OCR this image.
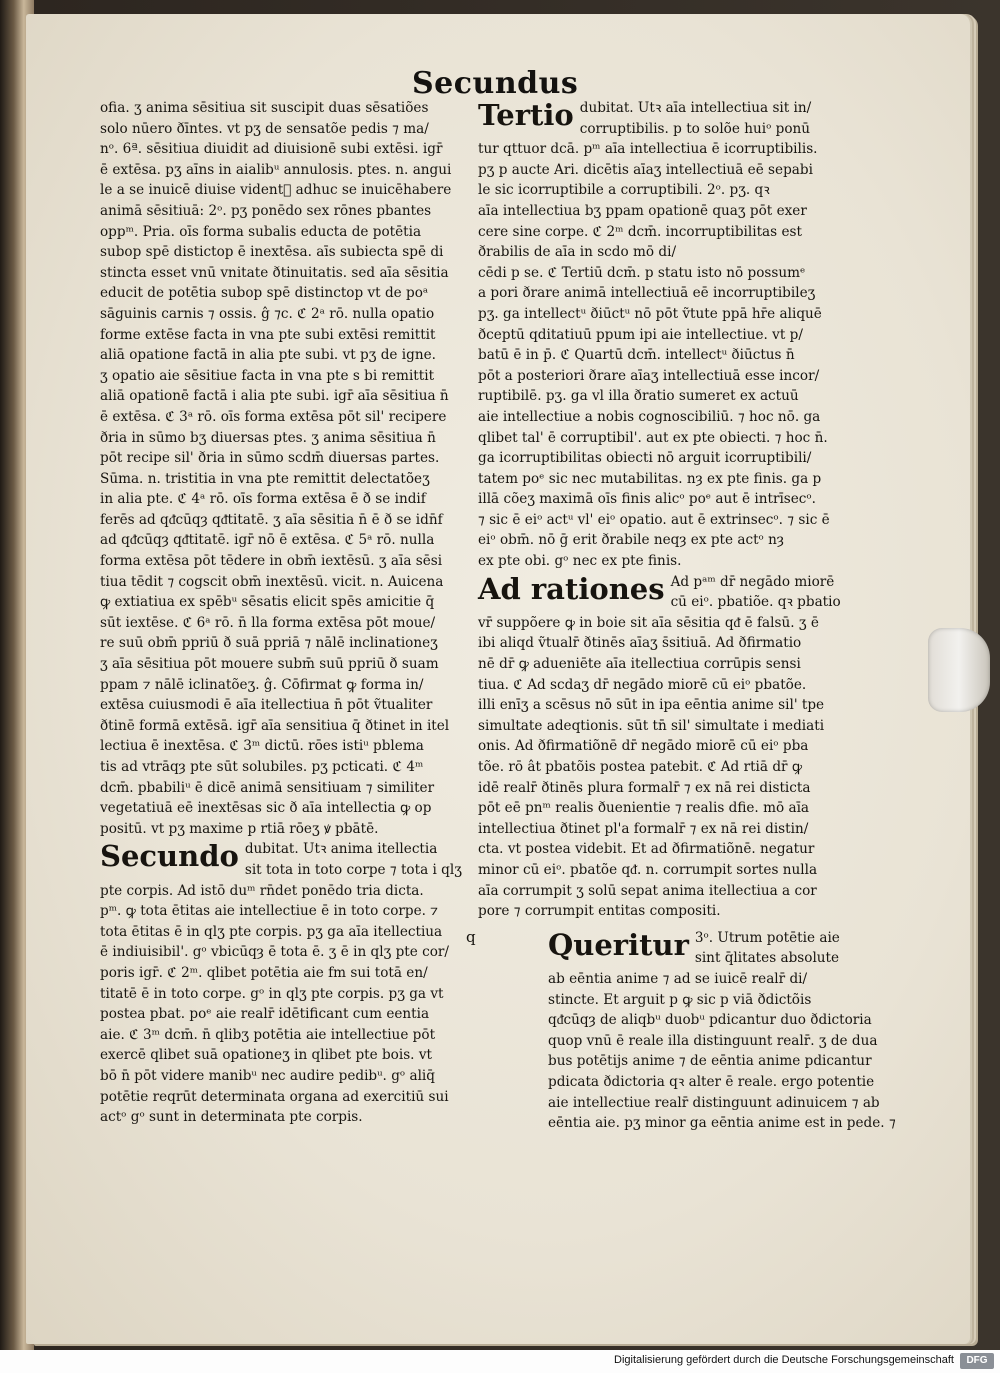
Secundus
ofia. ʒ anima sēsitiua sit suscipit duas sēsatiões
solo nūero ðīntes. vt pʒ de sensatõe pedis ⁊ ma/
nᵒ. 6ª. sēsitiua diuidit ad diuisionē subi extēsi. igr̄
ē extēsa. pʒ aīns in aialibᵘ annulosis. ptes. n. angui
le a se inuicē diuise videntᷓ adhuc se inuicēhabere
animā sēsitiuā: 2ᵒ. pʒ ponēdo sex rōnes pbantes
oppᵐ. Pria. oīs forma subalis educta de potētia
subop spē distictop ē inextēsa. aīs subiecta spē di
stincta esset vnū vnitate ðtinuitatis. sed aīa sēsitia
educit de potētia subop spē distinctop vt de poᵃ
sāguinis carnis ⁊ ossis. ĝ ⁊c. ℭ 2ᵃ rō. nulla opatio
forme extēse facta in vna pte subi extēsi remittit
aliā opatione factā in alia pte subi. vt pʒ de igne.
ʒ opatio aie sēsitiue facta in vna pte s bi remittit
aliā opationē factā i alia pte subi. igr̄ aīa sēsitiua n̄
ē extēsa. ℭ 3ᵃ rō. oīs forma extēsa pōt sil' recipere
ðria in sūmo bʒ diuersas ptes. ʒ anima sēsitiua n̄
pōt recipe sil' ðria in sūmo scdm̄ diuersas partes.
Sūma. n. tristitia in vna pte remittit delectatõeʒ
in alia pte. ℭ 4ᵃ rō. oīs forma extēsa ē ð se indif
ferēs ad qᵭcūqȝ qᵭtitatē. ʒ aīa sēsitia n̄ ē ð se idn̄f
ad qᵭcūqȝ qᵭtitatē. igr̄ nō ē extēsa. ℭ 5ᵃ rō. nulla
forma extēsa pōt tēdere in obm̄ iextēsū. ʒ aīa sēsi
tiua tēdit ⁊ cogscit obm̄ inextēsū. vicit. n. Auicena
ꝙ extiatiua ex spēbᵘ sēsatis elicit spēs amicitie q̄
sūt iextēse. ℭ 6ᵃ rō. n̄ lla forma extēsa pōt moue/
re suū obm̄ ppriū ð suā ppriā ⁊ nālē inclinationeʒ
ʒ aīa sēsitiua pōt mouere subm̄ suū ppriū ð suam
ppam ⁊ nālē iclinatõeʒ. ĝ. Cōfirmat ꝙ forma in/
extēsa cuiusmodi ē aīa itellectiua n̄ pōt ṽtualiter
ðtinē formā extēsā. igr̄ aīa sensitiua q̄ ðtinet in itel
lectiua ē inextēsa. ℭ 3ᵐ dictū. rōes istiᵘ pblema
tis ad vtrāqȝ pte sūt solubiles. pʒ pcticati. ℭ 4ᵐ
dcm̄. pbabiliᵘ ē dicē animā sensitiuam ⁊ similiter
vegetatiuā eē inextēsas sic ð aīa intellectia ꝙ op
positū. vt pʒ maxime p rtiā rōeʒ ꝟ pbātē.
Secundo dubitat. Utꝛ anima itellectia
sit tota in toto corpe ⁊ tota i qlʒ
pte corpis. Ad istō duᵐ rn̄det ponēdo tria dicta.
pᵐ. ꝙ tota ētitas aie intellectiue ē in toto corpe. ⁊
tota ētitas ē in qlʒ pte corpis. pʒ ga aīa itellectiua
ē indiuisibil'. gᵒ vbicūqȝ ē tota ē. ʒ ē in qlʒ pte cor/
poris igr̄. ℭ 2ᵐ. qlibet potētia aie fm sui totā en/
titatē ē in toto corpe. gᵒ in qlʒ pte corpis. pʒ ga vt
postea pbat. poᵉ aie realr̄ idētificant cum eentia
aie. ℭ 3ᵐ dcm̄. n̄ qlibʒ potētia aie intellectiue pōt
exercē qlibet suā opationeʒ in qlibet pte bois. vt
bō n̄ pōt videre manibᵘ nec audire pedibᵘ. gᵒ aliq̄
potētie reqrūt determinata organa ad exercitiū sui
actᵒ gᵒ sunt in determinata pte corpis.
Tertio dubitat. Utꝛ aīa intellectiua sit in/
corruptibilis. p to solõe huiᵒ ponū
tur qttuor dcā. pᵐ aīa intellectiua ē icorruptibilis.
pʒ p aucte Ari. dicētis aīaʒ intellectiuā eē sepabi
le sic icorruptibile a corruptibili. 2ᵒ. pʒ. qꝛ
aīa intellectiua bʒ ppam opationē quaʒ pōt exer
cere sine corpe. ℭ 2ᵐ dcm̄. incorruptibilitas est
ðrabilis de aīa in scdo mō di/
cēdi p se. ℭ Tertiū dcm̄. p statu isto nō possumᵉ
a pori ðrare animā intellectiuā eē incorruptibileʒ
pʒ. ga intellectᵘ ðiūctᵘ nō pōt ṽtute ppā hr̄e aliquē
ðceptū qditatiuū ppum ipi aie intellectiue. vt p/
batū ē in p̄. ℭ Quartū dcm̄. intellectᵘ ðiūctus n̄
pōt a posteriori ðrare aīaʒ intellectiuā esse incor/
ruptibilē. pʒ. ga vl illa ðratio sumeret ex actuū
aie intellectiue a nobis cognoscibiliū. ⁊ hoc nō. ga
qlibet tal' ē corruptibil'. aut ex pte obiecti. ⁊ hoc n̄.
ga icorruptibilitas obiecti nō arguit icorruptibili/
tatem poᵉ sic nec mutabilitas. nȝ ex pte finis. ga p
illā cõeʒ maximā oīs finis alicᵒ poᵉ aut ē intrīsecᵒ.
⁊ sic ē eiᵒ actᵘ vl' eiᵒ opatio. aut ē extrinsecᵒ. ⁊ sic ē
eiᵒ obm̄. nō ḡ erit ðrabile neqȝ ex pte actᵒ nȝ
ex pte obi. gᵒ nec ex pte finis.
Ad rationes Ad pᵃᵐ dr̄ negādo miorē
cū eiᵒ. pbatiõe. qꝛ pbatio
vr̄ suppõere ꝙ in boie sit aīa sēsitia qᵭ ē falsū. ʒ ē
ibi aliqd ṽtualr̄ ðtinēs aīaʒ s̄sitiuā. Ad ðfirmatio
nē dr̄ ꝙ adueniēte aīa itellectiua corrūpis sensi
tiua. ℭ Ad scdaʒ dr̄ negādo miorē cū eiᵒ pbatõe.
illi enīʒ a scēsus nō sūt in ipa eēntia anime sil' tpe
simultate adeqtionis. sūt tn̄ sil' simultate i mediati
onis. Ad ðfirmatiõnē dr̄ negādo miorē cū eiᵒ pba
tõe. rō ât pbatõis postea patebit. ℭ Ad rtiā dr̄ ꝙ
idē realr̄ ðtinēs plura formalr̄ ⁊ ex nā rei disticta
pōt eē pnᵐ realis ðuenientie ⁊ realis dfie. mō aīa
intellectiua ðtinet pl'a formalr̄ ⁊ ex nā rei distin/
cta. vt postea videbit. Et ad ðfirmatiõnē. negatur
minor cū eiᵒ. pbatõe qᵭ. n. corrumpit sortes nulla
aīa corrumpit ʒ solū sepat anima itellectiua a cor
pore ⁊ corrumpit entitas compositi.
Queritur 3ᵒ. Utrum potētie aie
sint q̄litates absolute
ab eēntia anime ⁊ ad se iuicē realr̄ di/
stincte. Et arguit p ꝙ sic p viā ðdictõis
qᵭcūqȝ de aliqbᵘ duobᵘ pdicantur duo ðdictoria
quop vnū ē reale illa distinguunt realr̄. ʒ de dua
bus potētijs anime ⁊ de eēntia anime pdicantur
pdicata ðdictoria qꝛ alter ē reale. ergo potentie
aie intellectiue realr̄ distinguunt adinuicem ⁊ ab
eēntia aie. pʒ minor ga eēntia anime est in pede. ⁊
q
Digitalisierung gefördert durch die Deutsche Forschungsgemeinschaft	DFG
